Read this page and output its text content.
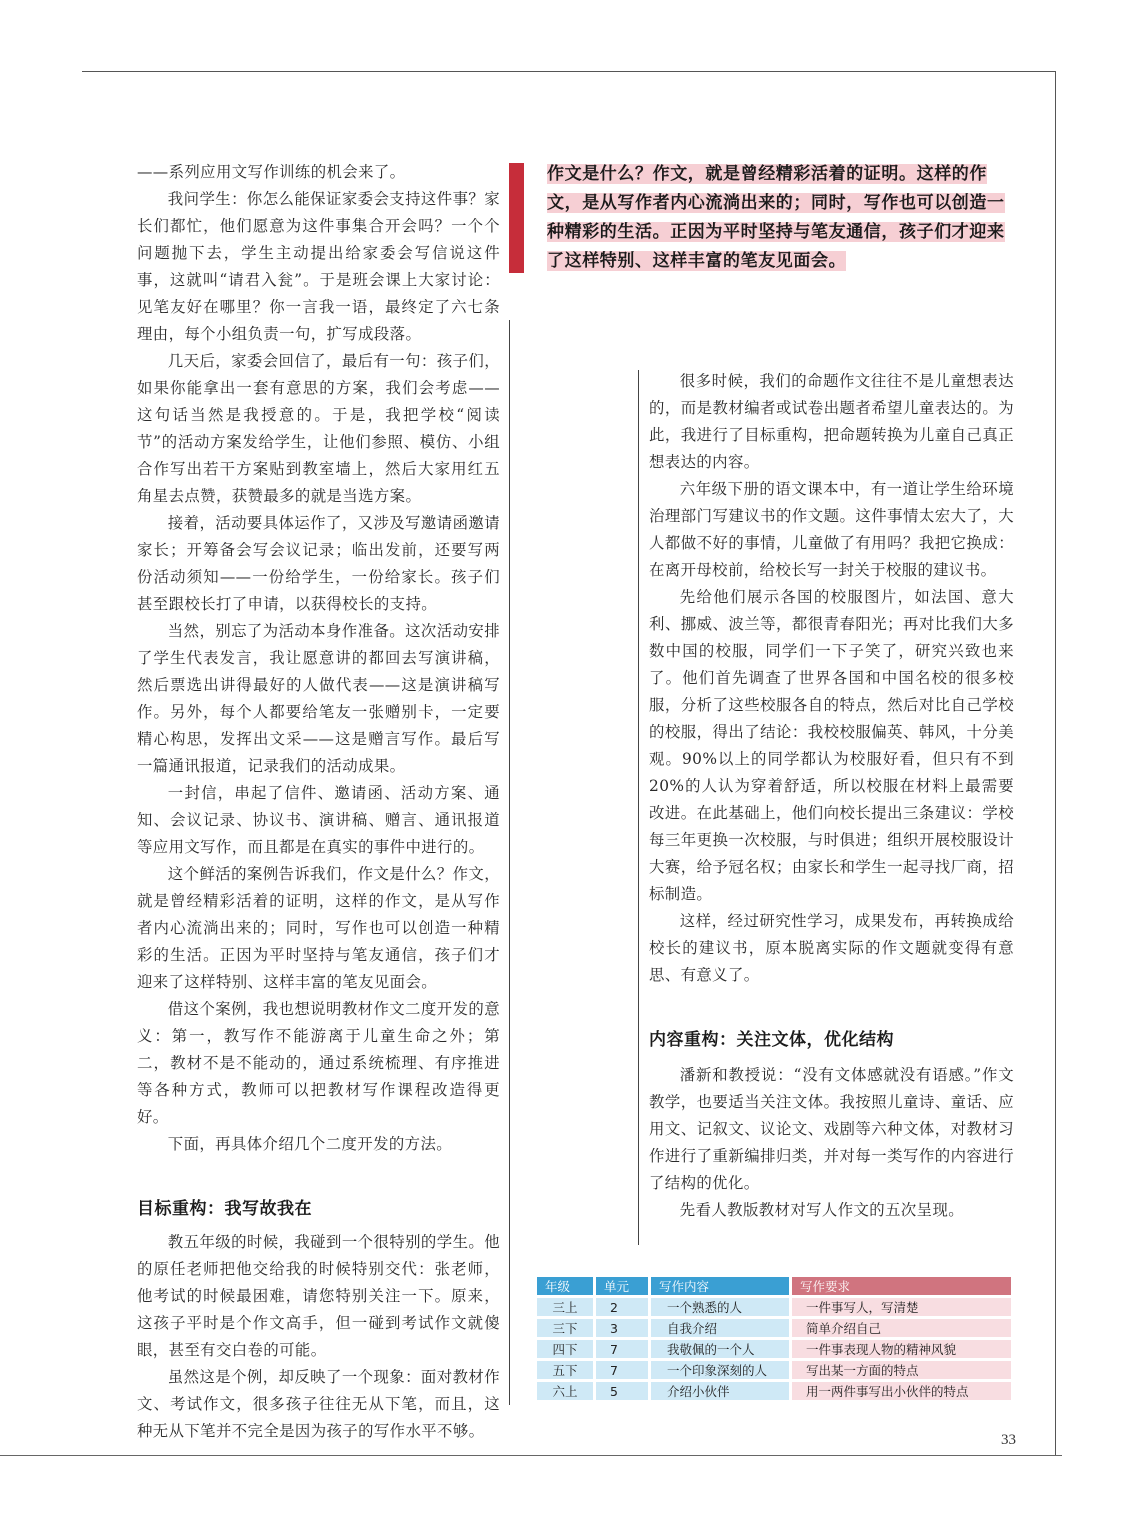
作文是什么？作文，就是曾经精彩活着的证明。这样的作文，是从写作者内心流淌出来的；同时，写作也可以创造一种精彩的生活。正因为平时坚持与笔友通信，孩子们才迎来了这样特别、这样丰富的笔友见面会。

——系列应用文写作训练的机会来了。

我问学生：你怎么能保证家委会支持这件事？家长们都忙，他们愿意为这件事集合开会吗？一个个问题抛下去，学生主动提出给家委会写信说这件事，这就叫“请君入瓮”。于是班会课上大家讨论：见笔友好在哪里？你一言我一语，最终定了六七条理由，每个小组负责一句，扩写成段落。

几天后，家委会回信了，最后有一句：孩子们，如果你能拿出一套有意思的方案，我们会考虑——这句话当然是我授意的。于是，我把学校“阅读节”的活动方案发给学生，让他们参照、模仿、小组合作写出若干方案贴到教室墙上，然后大家用红五角星去点赞，获赞最多的就是当选方案。

接着，活动要具体运作了，又涉及写邀请函邀请家长；开筹备会写会议记录；临出发前，还要写两份活动须知——一份给学生，一份给家长。孩子们甚至跟校长打了申请，以获得校长的支持。

当然，别忘了为活动本身作准备。这次活动安排了学生代表发言，我让愿意讲的都回去写演讲稿，然后票选出讲得最好的人做代表——这是演讲稿写作。另外，每个人都要给笔友一张赠别卡，一定要精心构思，发挥出文采——这是赠言写作。最后写一篇通讯报道，记录我们的活动成果。

一封信，串起了信件、邀请函、活动方案、通知、会议记录、协议书、演讲稿、赠言、通讯报道等应用文写作，而且都是在真实的事件中进行的。

这个鲜活的案例告诉我们，作文是什么？作文，就是曾经精彩活着的证明，这样的作文，是从写作者内心流淌出来的；同时，写作也可以创造一种精彩的生活。正因为平时坚持与笔友通信，孩子们才迎来了这样特别、这样丰富的笔友见面会。

借这个案例，我也想说明教材作文二度开发的意义：第一，教写作不能游离于儿童生命之外；第二，教材不是不能动的，通过系统梳理、有序推进等各种方式，教师可以把教材写作课程改造得更好。

下面，再具体介绍几个二度开发的方法。

目标重构：我写故我在

教五年级的时候，我碰到一个很特别的学生。他的原任老师把他交给我的时候特别交代：张老师，他考试的时候最困难，请您特别关注一下。原来，这孩子平时是个作文高手，但一碰到考试作文就傻眼，甚至有交白卷的可能。

虽然这是个例，却反映了一个现象：面对教材作文、考试作文，很多孩子往往无从下笔，而且，这种无从下笔并不完全是因为孩子的写作水平不够。

很多时候，我们的命题作文往往不是儿童想表达的，而是教材编者或试卷出题者希望儿童表达的。为此，我进行了目标重构，把命题转换为儿童自己真正想表达的内容。

六年级下册的语文课本中，有一道让学生给环境治理部门写建议书的作文题。这件事情太宏大了，大人都做不好的事情，儿童做了有用吗？我把它换成：在离开母校前，给校长写一封关于校服的建议书。

先给他们展示各国的校服图片，如法国、意大利、挪威、波兰等，都很青春阳光；再对比我们大多数中国的校服，同学们一下子笑了，研究兴致也来了。他们首先调查了世界各国和中国名校的很多校服，分析了这些校服各自的特点，然后对比自己学校的校服，得出了结论：我校校服偏英、韩风，十分美观。90%以上的同学都认为校服好看，但只有不到20%的人认为穿着舒适，所以校服在材料上最需要改进。在此基础上，他们向校长提出三条建议：学校每三年更换一次校服，与时俱进；组织开展校服设计大赛，给予冠名权；由家长和学生一起寻找厂商，招标制造。

这样，经过研究性学习，成果发布，再转换成给校长的建议书，原本脱离实际的作文题就变得有意思、有意义了。

内容重构：关注文体，优化结构

潘新和教授说：“没有文体感就没有语感。”作文教学，也要适当关注文体。我按照儿童诗、童话、应用文、记叙文、议论文、戏剧等六种文体，对教材习作进行了重新编排归类，并对每一类写作的内容进行了结构的优化。

先看人教版教材对写人作文的五次呈现。

年级	单元	写作内容	写作要求
三上	2	一个熟悉的人	一件事写人，写清楚
三下	3	自我介绍	简单介绍自己
四下	7	我敬佩的一个人	一件事表现人物的精神风貌
五下	7	一个印象深刻的人	写出某一方面的特点
六上	5	介绍小伙伴	用一两件事写出小伙伴的特点
33
